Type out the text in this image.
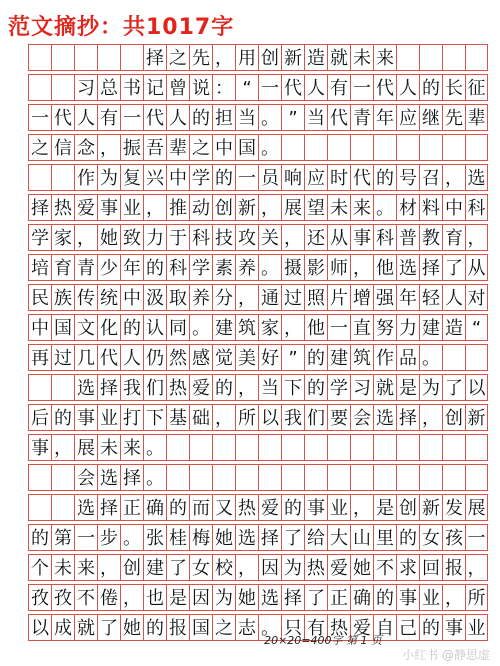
范文摘抄：共1017字
择 之 先 ， 用 创 新 造 就 未 来
习 总 书 记 曾 说 ： “ 一 代 人 有 一 代 人 的 长 征
一 代 人 有 一 代 人 的 担 当 。 ” 当 代 青 年 应 继 先 辈
之 信 念 ， 振 吾 辈 之 中 国 。
作 为 复 兴 中 学 的 一 员 响 应 时 代 的 号 召 ， 选
择 热 爱 事 业 ， 推 动 创 新 ， 展 望 未 来 。 材 料 中 科
学 家 ， 她 致 力 于 科 技 攻 关 ， 还 从 事 科 普 教 育 ，
培 育 青 少 年 的 科 学 素 养 。 摄 影 师 ， 他 选 择 了 从
民 族 传 统 中 汲 取 养 分 ， 通 过 照 片 增 强 年 轻 人 对
中 国 文 化 的 认 同 。 建 筑 家 ， 他 一 直 努 力 建 造 “
再 过 几 代 人 仍 然 感 觉 美 好 ” 的 建 筑 作 品 。
选 择 我 们 热 爱 的 ， 当 下 的 学 习 就 是 为 了 以
后 的 事 业 打 下 基 础 ， 所 以 我 们 要 会 选 择 ， 创 新
事 ， 展 未 来 。
会 选 择 。
选 择 正 确 的 而 又 热 爱 的 事 业 ， 是 创 新 发 展
的 第 一 步 。 张 桂 梅 她 选 择 了 给 大 山 里 的 女 孩 一
个 未 来 ， 创 建 了 女 校 ， 因 为 热 爱 她 不 求 回 报 ，
孜 孜 不 倦 ， 也 是 因 为 她 选 择 了 正 确 的 事 业 ， 所
以 成 就 了 她 的 报 国 之 志 。 只 有 热 爱 自 己 的 事 业
20×20=400字 第 1 页
小红书 @静思虚
